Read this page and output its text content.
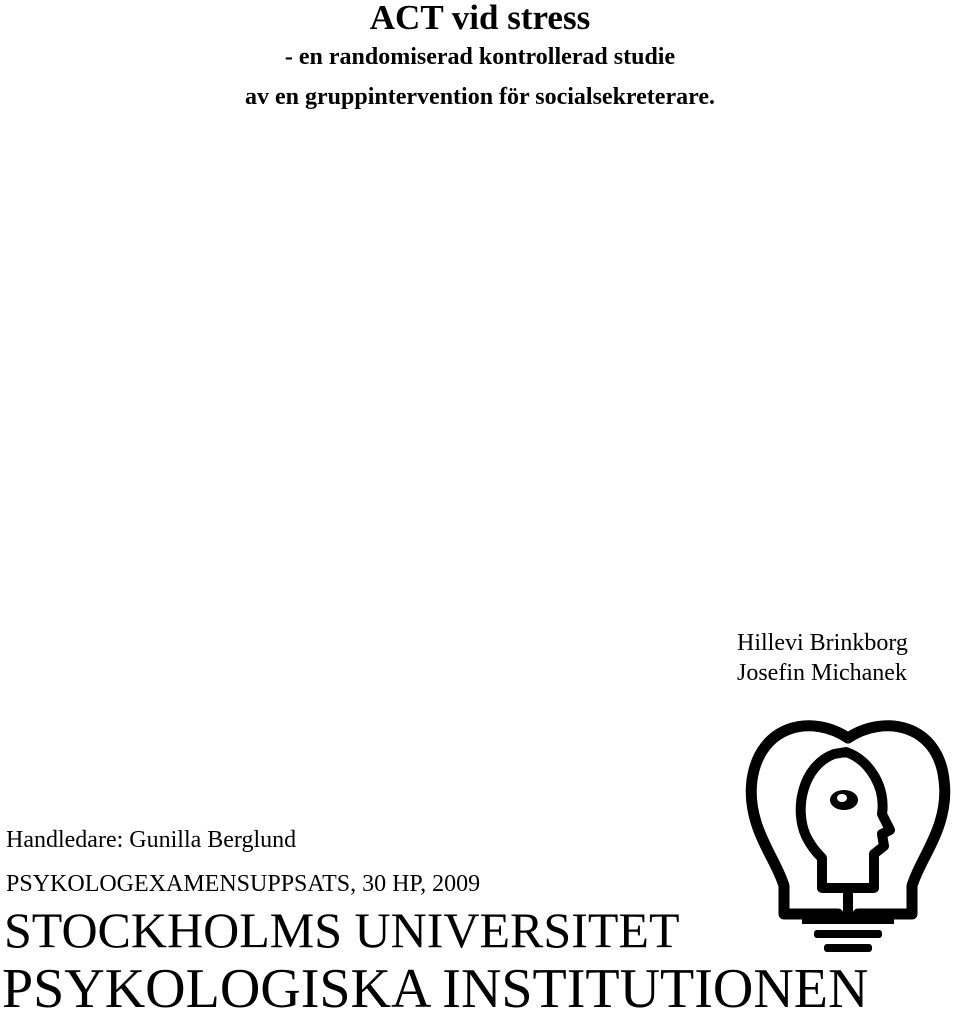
ACT vid stress
- en randomiserad kontrollerad studie
av en gruppintervention för socialsekreterare.
Hillevi Brinkborg
Josefin Michanek
Handledare: Gunilla Berglund
PSYKOLOGEXAMENSUPPSATS, 30 HP, 2009
STOCKHOLMS UNIVERSITET
PSYKOLOGISKA INSTITUTIONEN
